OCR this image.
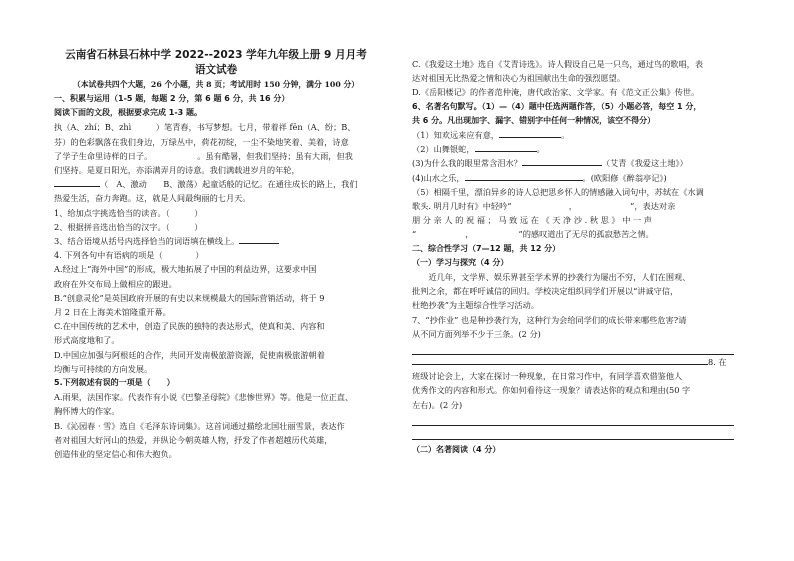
云南省石林县石林中学 2022--2023 学年九年级上册 9 月月考
语文试卷
（本试卷共四个大题，26 个小题，共 8 页；考试用时 150 分钟，满分 100 分）
一、积累与运用（1-5 题，每题 2 分，第 6 题 6 分，共 16 分）
阅读下面的文段，根据要求完成 1-3 题。
执（A、zhí；B、zhì　　　）笔青春，书写梦想。七月，带着祥 fēn（A、纷；B、
芬）的色彩飘落在我们身边，万绿丛中，荷花初绽，一尘不染地笑着、美着，诗意
了学子生命里诗样的日子。　　　　　　。虽有酷暑，但我们坚持；虽有大雨，但我
们坚持。是夏日阳光，亦添满弄月的诗意。我们满载进岁月的年轮，
（　A、激动　　B、激荡）起童话般的记忆。在通往成长的路上，我们
热爱生活，奋力奔跑。这，就是人间最绚丽的七月天。
1、给加点字挑选恰当的读音。（　　　）
2、根据拼音选出恰当的汉字。（　　　）
3、结合语境从括号内选择恰当的词语填在横线上。
4. 下列各句中有语病的项是（　　　　）
A.经过上“海外中国”的形成，极大地拓展了中国的利益边界，这要求中国
政府在外交布局上做相应的跟进。
B.“创意灵伦”是英国政府开展的有史以来规模最大的国际营销活动，将于 9
月 2 日在上海美术馆隆重开幕。
C.在中国传统的艺术中，创造了民族的独特的表达形式，使真和美、内容和
形式高度地和了。
D.中国应加强与阿根廷的合作，共同开发南极旅游资源，促使南极旅游朝着
均衡与可持续的方向发展。
5.下列叙述有误的一项是（　　）
A.雨果，法国作家。代表作有小说《巴黎圣母院》《悲惨世界》等。他是一位正直、
胸怀博大的作家。
B.《沁园春 · 雪》选自《毛泽东诗词集》。这首词通过描绘北国壮丽雪景，表达作
者对祖国大好河山的热爱，并纵论今朝英雄人物，抒发了作者超越历代英雄，
创造伟业的坚定信心和伟大抱负。
C.《我爱这土地》选自《艾青诗选》。诗人假设自己是一只鸟，通过鸟的歌唱，表
达对祖国无比热爱之情和决心为祖国献出生命的强烈愿望。
D.《岳阳楼记》的作者范仲淹，唐代政治家、文学家。有《范文正公集》传世。
6、名著名句默写。（1）—（4）题中任选两题作答，（5）小题必答，每空 1 分，
共 6 分。凡出现加字、漏字、错别字中任何一种情况，该空不得分）
（1）知欢远来应有意，	。
（2）山舞银蛇，	。
(3)为什么我的眼里常含泪水？	（艾青《我爱这土地》）
(4)山水之乐，	。(欧阳修《醉翁亭记》)
（5）相隔千里，漂泊异乡的诗人总把思乡怀人的情感融入词句中，苏轼在《水调
歌头. 明月几时有》中轻吟“　　　　　　　，　　　　　　　”，表达对亲
朋 分 亲 人 的 祝 福 ； 马 致 远 在 《 天 净 沙 . 秋 思 》 中 一 声
“　　　　　　，　　　　　　”的感叹道出了无尽的孤寂愁苦之情。
二、综合性学习（7—12 题，共 12 分）
（一）学习与探究（4 分）
近几年，文学界、娱乐界甚至学术界的抄袭行为屡出不穷，人们在围观、
批判之余，都在呼吁诚信的回归。学校决定组织同学们开展以“讲诚守信，
杜绝抄袭”为主题综合性学习活动。
7、“抄作业” 也是种抄袭行为，这种行为会给同学们的成长带来哪些危害?请
从不同方面列举不少于三条。(2 分)
8. 在
班级讨论会上，大家在探讨一种现象，在日常习作中，有同学喜欢借鉴他人
优秀作文的内容和形式。你如何看待这一现象？请表达你的观点和理由(50 字
左右)。(2 分)
（二）名著阅读（4 分）
